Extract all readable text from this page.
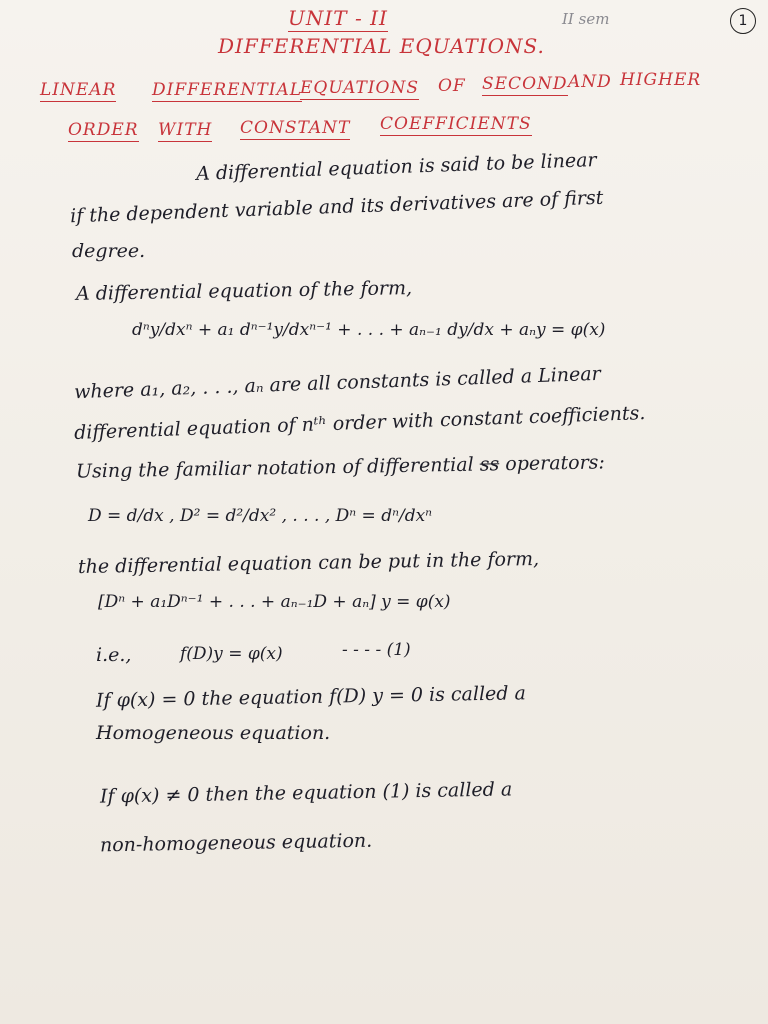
UNIT - II	II sem	1
DIFFERENTIAL EQUATIONS.
LINEAR DIFFERENTIAL
EQUATIONS OF SECOND AND HIGHER
ORDER WITH CONSTANT COEFFICIENTS
A differential equation is said to be linear
if the dependent variable and its derivatives are of first
degree.
A differential equation of the form,
dⁿy/dxⁿ + a₁ dⁿ⁻¹y/dxⁿ⁻¹ + . . . + aₙ₋₁ dy/dx + aₙy = φ(x)
where a₁, a₂, . . ., aₙ are all constants is called a Linear
differential equation of nᵗʰ order with constant coefficients.
Using the familiar notation of differential ss operators:
D = d/dx , D² = d²/dx² , . . . , Dⁿ = dⁿ/dxⁿ
the differential equation can be put in the form,
[Dⁿ + a₁Dⁿ⁻¹ + . . . + aₙ₋₁D + aₙ] y = φ(x)
i.e.,	f(D)y = φ(x)	- - - - (1)
If φ(x) = 0 the equation f(D) y = 0 is called a
Homogeneous equation.
If φ(x) ≠ 0 then the equation (1) is called a
non-homogeneous equation.
